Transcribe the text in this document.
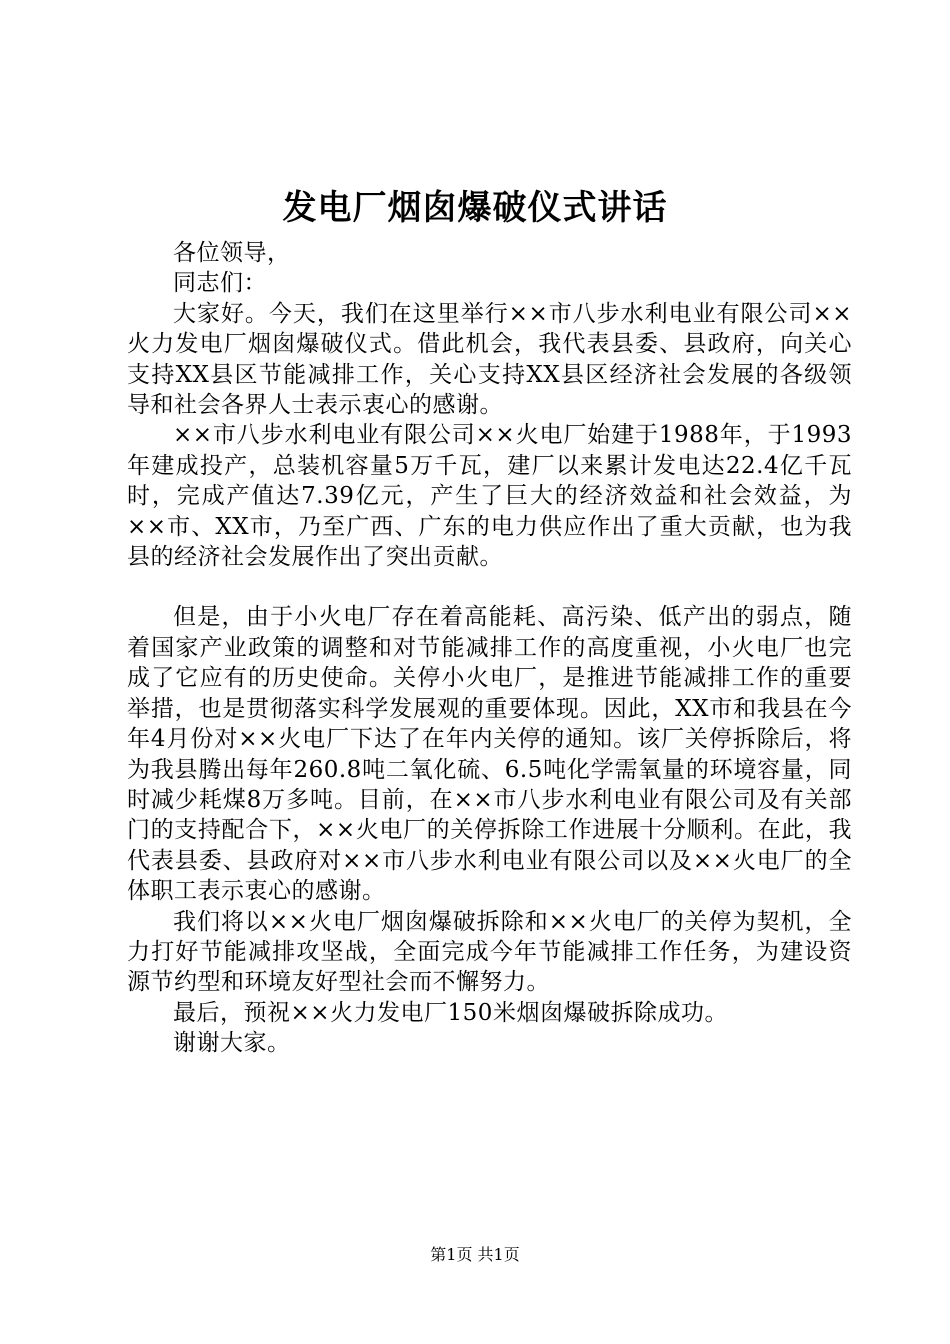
发电厂烟囱爆破仪式讲话

各位领导，

同志们：

大家好。今天，我们在这里举行××市八步水利电业有限公司××火力发电厂烟囱爆破仪式。借此机会，我代表县委、县政府，向关心支持XX县区节能减排工作，关心支持XX县区经济社会发展的各级领导和社会各界人士表示衷心的感谢。

××市八步水利电业有限公司××火电厂始建于1988年，于1993年建成投产，总装机容量5万千瓦，建厂以来累计发电达22.4亿千瓦时，完成产值达7.39亿元，产生了巨大的经济效益和社会效益，为××市、XX市，乃至广西、广东的电力供应作出了重大贡献，也为我县的经济社会发展作出了突出贡献。

但是，由于小火电厂存在着高能耗、高污染、低产出的弱点，随着国家产业政策的调整和对节能减排工作的高度重视，小火电厂也完成了它应有的历史使命。关停小火电厂，是推进节能减排工作的重要举措，也是贯彻落实科学发展观的重要体现。因此，XX市和我县在今年4月份对××火电厂下达了在年内关停的通知。该厂关停拆除后，将为我县腾出每年260.8吨二氧化硫、6.5吨化学需氧量的环境容量，同时减少耗煤8万多吨。目前，在××市八步水利电业有限公司及有关部门的支持配合下，××火电厂的关停拆除工作进展十分顺利。在此，我代表县委、县政府对××市八步水利电业有限公司以及××火电厂的全体职工表示衷心的感谢。

我们将以××火电厂烟囱爆破拆除和××火电厂的关停为契机，全力打好节能减排攻坚战，全面完成今年节能减排工作任务，为建设资源节约型和环境友好型社会而不懈努力。

最后，预祝××火力发电厂150米烟囱爆破拆除成功。

谢谢大家。

第1页 共1页
